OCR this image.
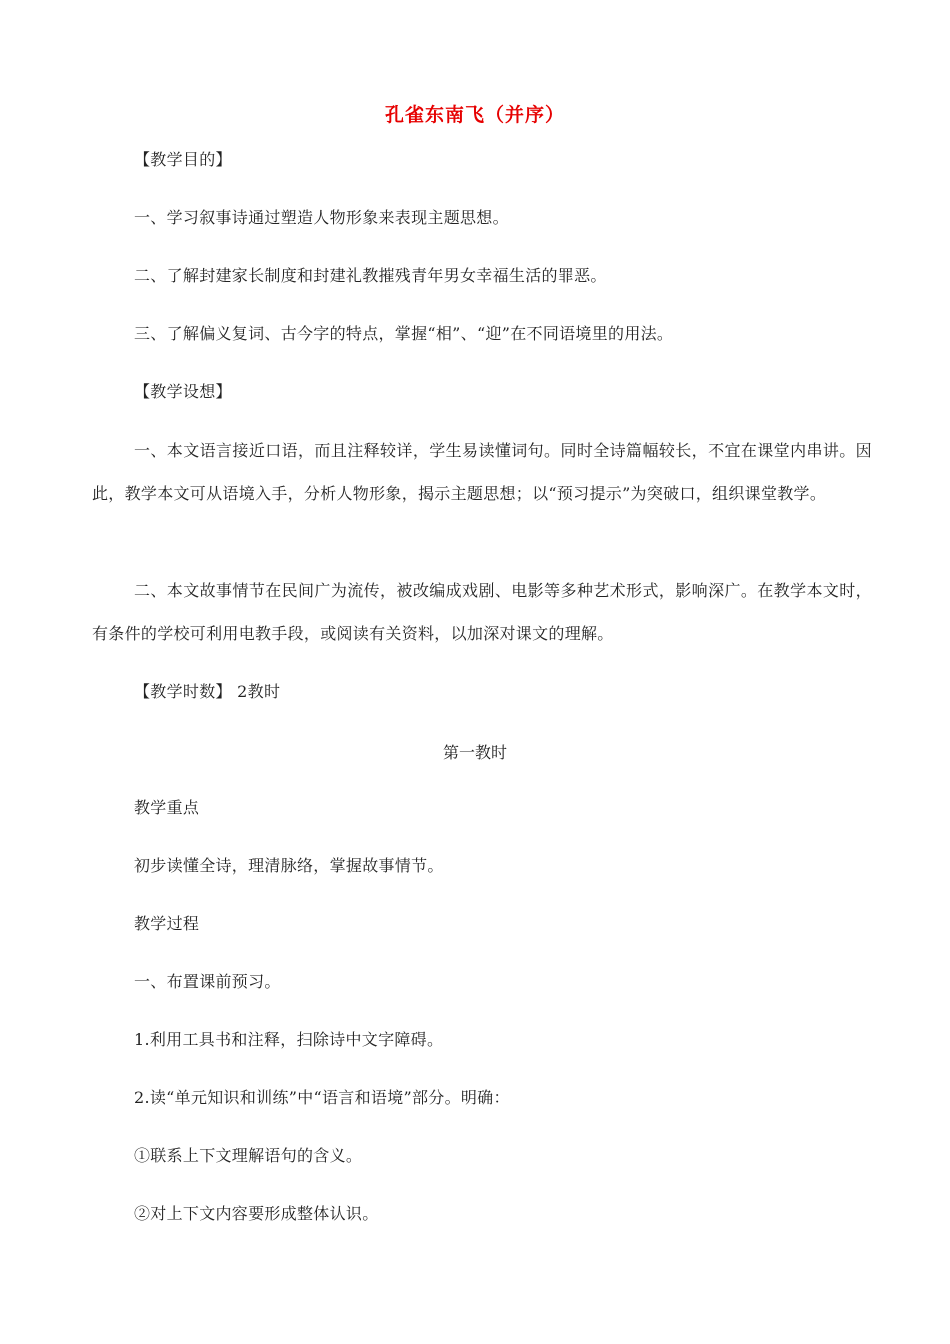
孔雀东南飞（并序）
【教学目的】
一、学习叙事诗通过塑造人物形象来表现主题思想。
二、了解封建家长制度和封建礼教摧残青年男女幸福生活的罪恶。
三、了解偏义复词、古今字的特点，掌握“相”、“迎”在不同语境里的用法。
【教学设想】
一、本文语言接近口语，而且注释较详，学生易读懂词句。同时全诗篇幅较长，不宜在课堂内串讲。因此，教学本文可从语境入手，分析人物形象，揭示主题思想；以“预习提示”为突破口，组织课堂教学。
二、本文故事情节在民间广为流传，被改编成戏剧、电影等多种艺术形式，影响深广。在教学本文时，有条件的学校可利用电教手段，或阅读有关资料，以加深对课文的理解。
【教学时数】 2教时
第一教时
教学重点
初步读懂全诗，理清脉络，掌握故事情节。
教学过程
一、布置课前预习。
1.利用工具书和注释，扫除诗中文字障碍。
2.读“单元知识和训练”中“语言和语境”部分。明确：
①联系上下文理解语句的含义。
②对上下文内容要形成整体认识。
